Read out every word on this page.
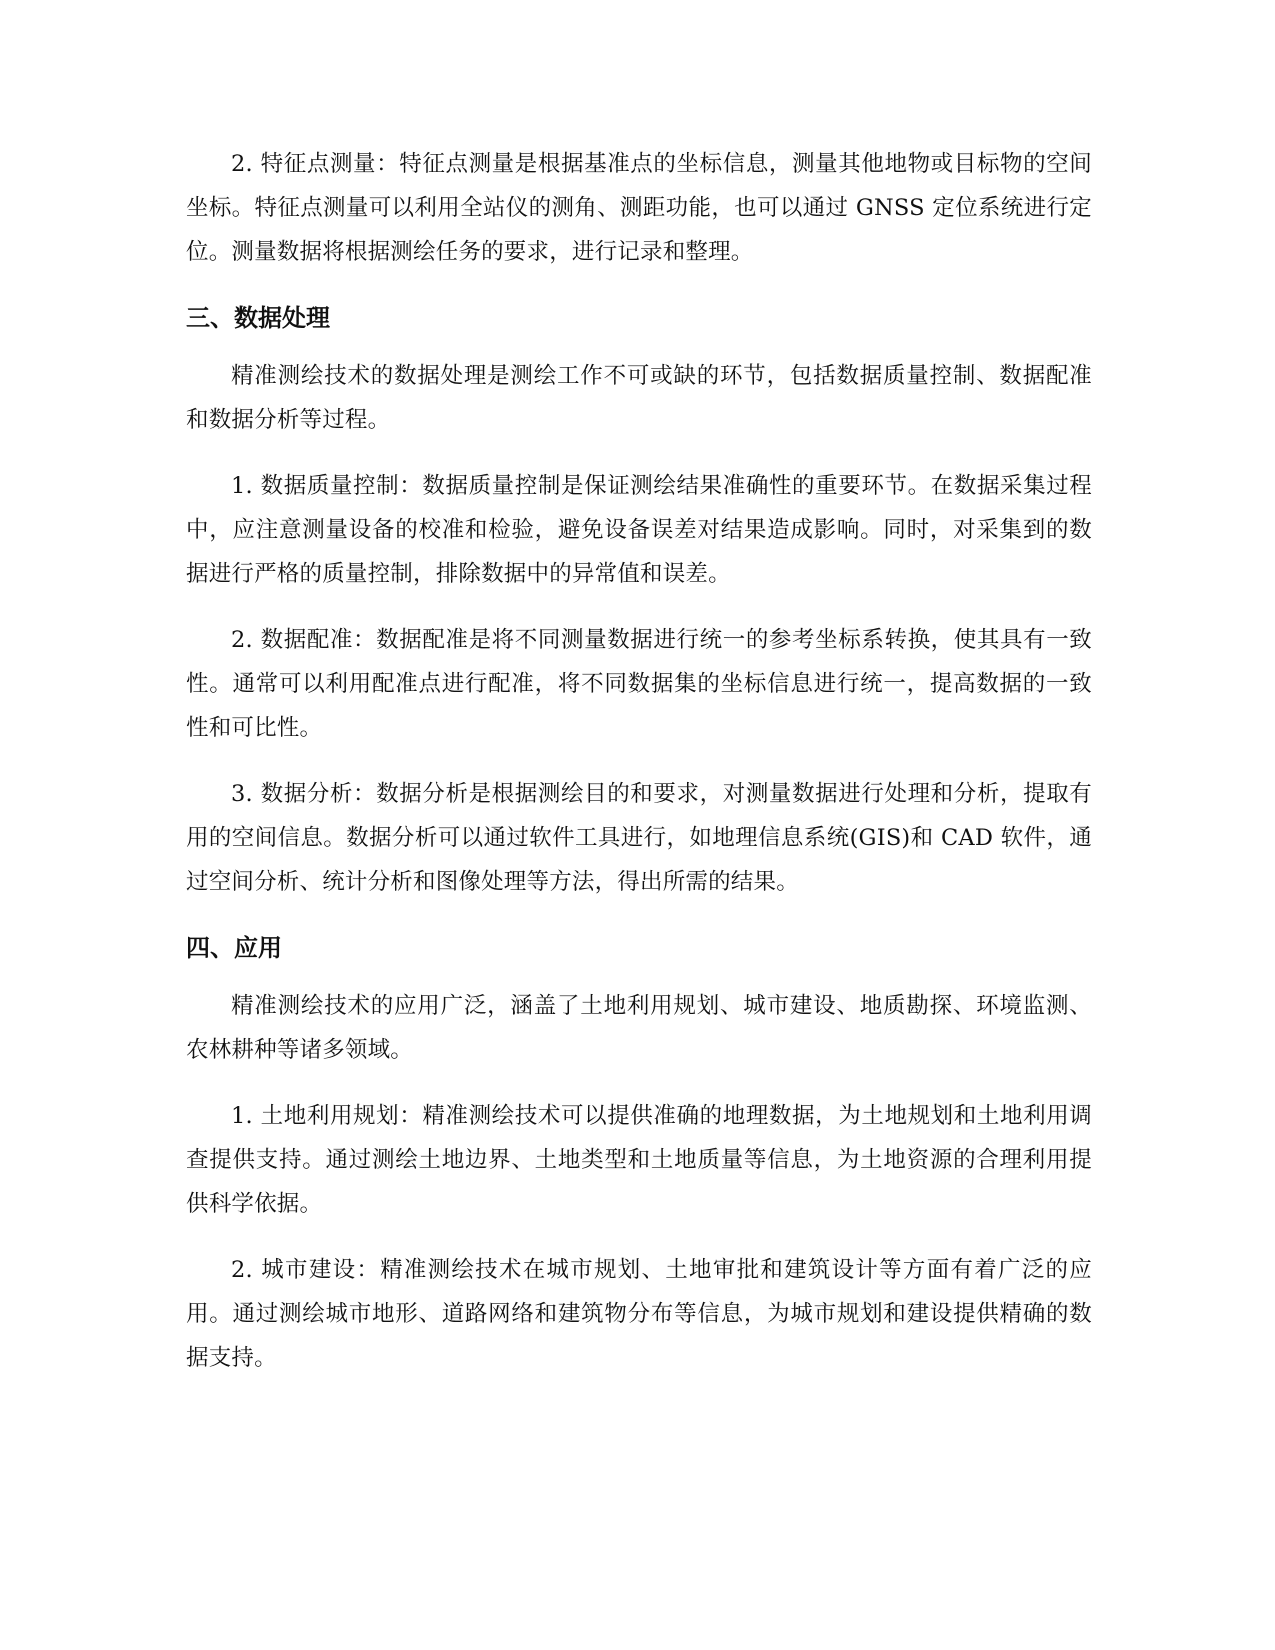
2. 特征点测量：特征点测量是根据基准点的坐标信息，测量其他地物或目标物的空间坐标。特征点测量可以利用全站仪的测角、测距功能，也可以通过 GNSS 定位系统进行定位。测量数据将根据测绘任务的要求，进行记录和整理。

三、数据处理

精准测绘技术的数据处理是测绘工作不可或缺的环节，包括数据质量控制、数据配准和数据分析等过程。

1. 数据质量控制：数据质量控制是保证测绘结果准确性的重要环节。在数据采集过程中，应注意测量设备的校准和检验，避免设备误差对结果造成影响。同时，对采集到的数据进行严格的质量控制，排除数据中的异常值和误差。

2. 数据配准：数据配准是将不同测量数据进行统一的参考坐标系转换，使其具有一致性。通常可以利用配准点进行配准，将不同数据集的坐标信息进行统一，提高数据的一致性和可比性。

3. 数据分析：数据分析是根据测绘目的和要求，对测量数据进行处理和分析，提取有用的空间信息。数据分析可以通过软件工具进行，如地理信息系统(GIS)和 CAD 软件，通过空间分析、统计分析和图像处理等方法，得出所需的结果。

四、应用

精准测绘技术的应用广泛，涵盖了土地利用规划、城市建设、地质勘探、环境监测、农林耕种等诸多领域。

1. 土地利用规划：精准测绘技术可以提供准确的地理数据，为土地规划和土地利用调查提供支持。通过测绘土地边界、土地类型和土地质量等信息，为土地资源的合理利用提供科学依据。

2. 城市建设：精准测绘技术在城市规划、土地审批和建筑设计等方面有着广泛的应用。通过测绘城市地形、道路网络和建筑物分布等信息，为城市规划和建设提供精确的数据支持。
